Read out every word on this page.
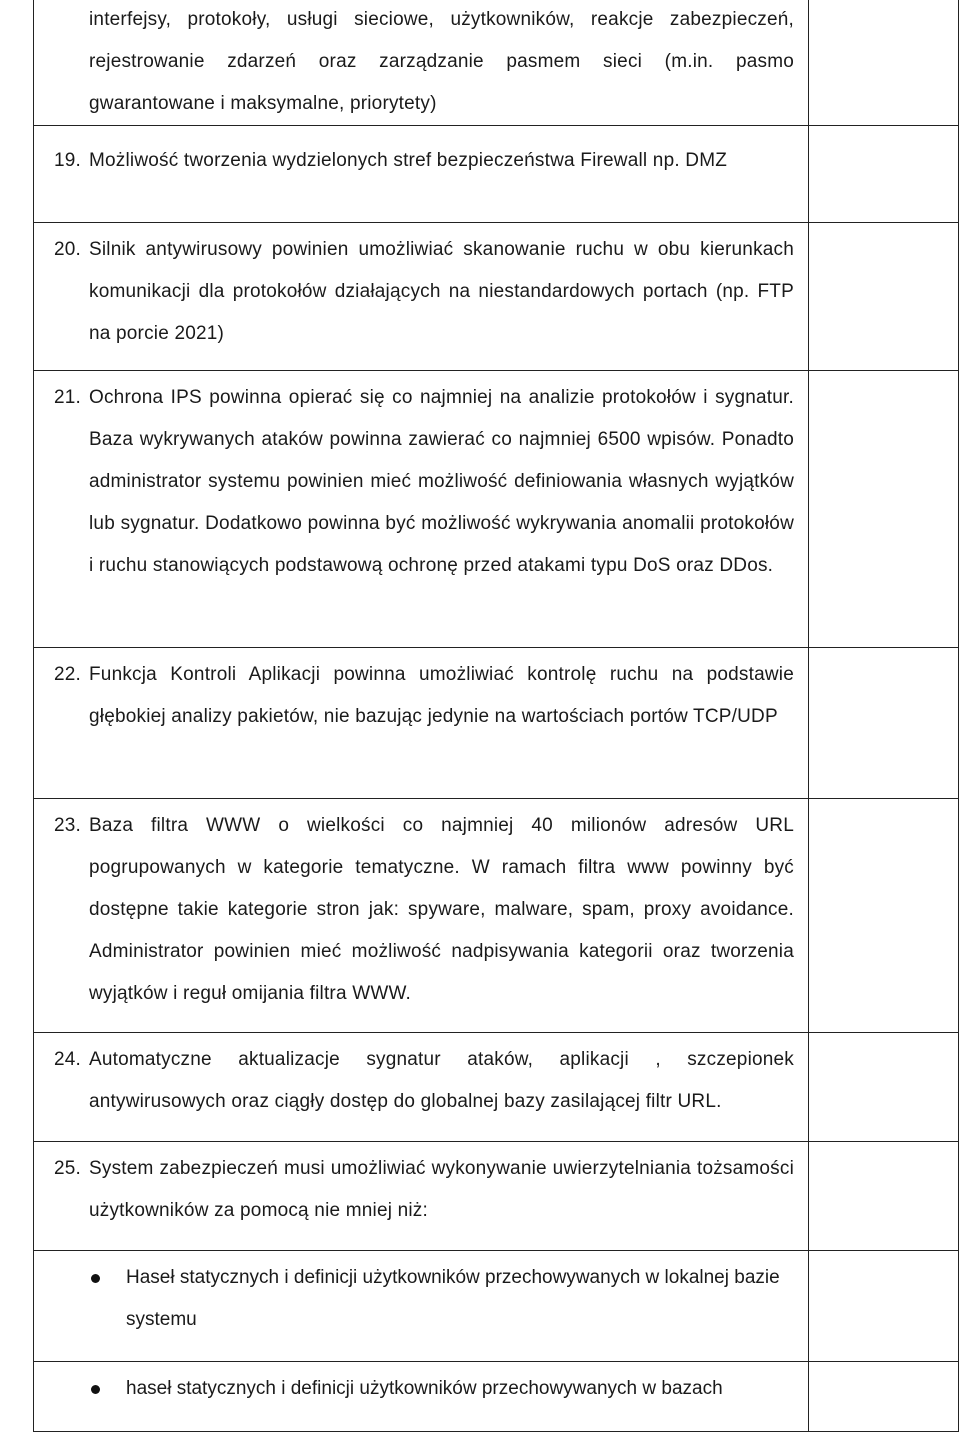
interfejsy, protokoły, usługi sieciowe, użytkowników, reakcje zabezpieczeń, rejestrowanie zdarzeń oraz zarządzanie pasmem sieci (m.in. pasmo gwarantowane i maksymalne, priorytety)	

19. Możliwość tworzenia wydzielonych stref bezpieczeństwa Firewall np. DMZ	

20. Silnik antywirusowy powinien umożliwiać skanowanie ruchu w obu kierunkach komunikacji dla protokołów działających na niestandardowych portach (np. FTP na porcie 2021)	

21. Ochrona IPS powinna opierać się co najmniej na analizie protokołów i sygnatur. Baza wykrywanych ataków powinna zawierać co najmniej 6500 wpisów. Ponadto administrator systemu powinien mieć możliwość definiowania własnych wyjątków lub sygnatur. Dodatkowo powinna być możliwość wykrywania anomalii protokołów i ruchu stanowiących podstawową ochronę przed atakami typu DoS oraz DDos.	

22. Funkcja Kontroli Aplikacji powinna umożliwiać kontrolę ruchu na podstawie głębokiej analizy pakietów, nie bazując jedynie na wartościach portów TCP/UDP	

23. Baza filtra WWW o wielkości co najmniej 40 milionów adresów URL pogrupowanych w kategorie tematyczne. W ramach filtra www powinny być dostępne takie kategorie stron jak: spyware, malware, spam, proxy avoidance. Administrator powinien mieć możliwość nadpisywania kategorii oraz tworzenia wyjątków i reguł omijania filtra WWW.	

24. Automatyczne aktualizacje sygnatur ataków, aplikacji , szczepionek antywirusowych oraz ciągły dostęp do globalnej bazy zasilającej filtr URL.	

25. System zabezpieczeń musi umożliwiać wykonywanie uwierzytelniania tożsamości użytkowników za pomocą nie mniej niż:	

Haseł statycznych i definicji użytkowników przechowywanych w lokalnej bazie systemu	

haseł statycznych i definicji użytkowników przechowywanych w bazach	
